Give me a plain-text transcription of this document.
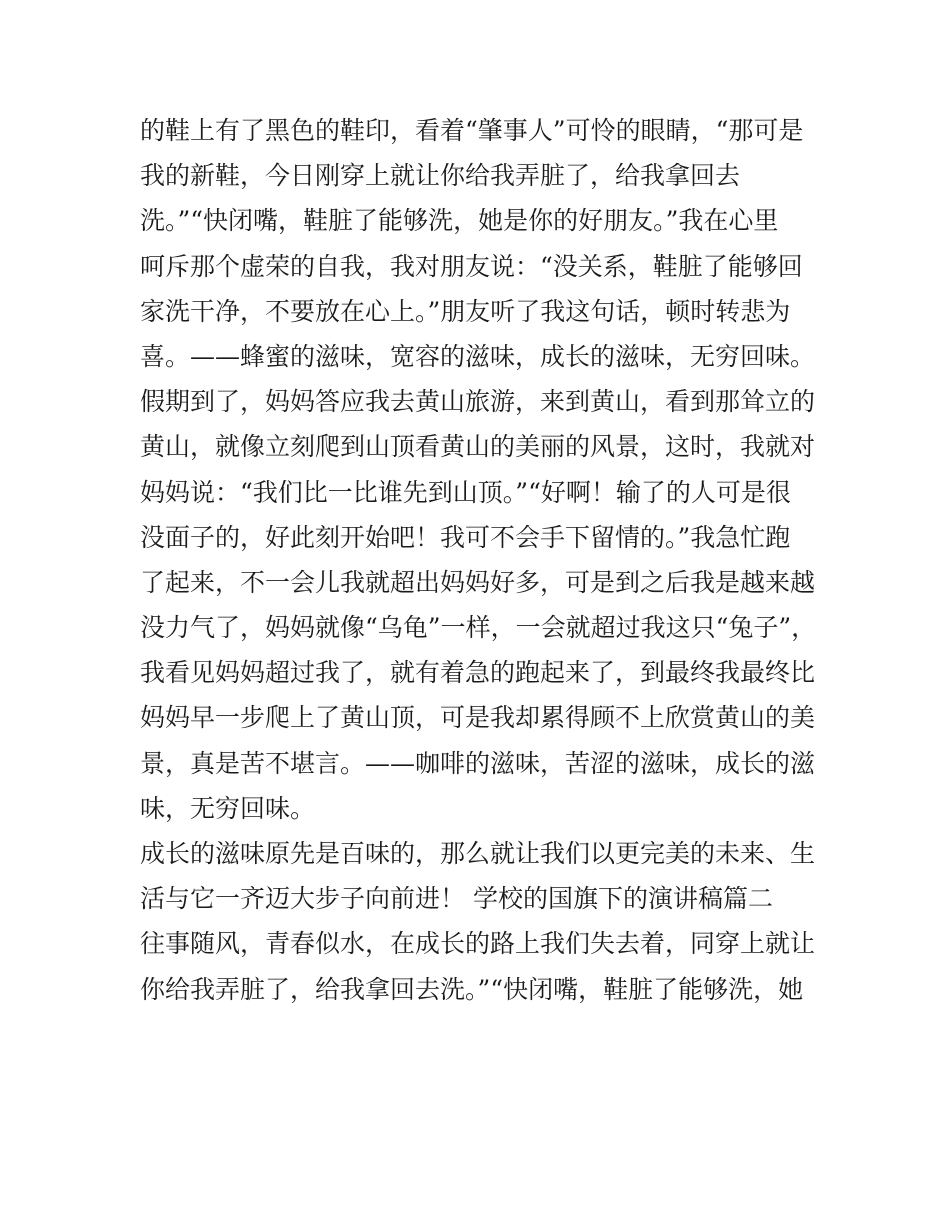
的鞋上有了黑色的鞋印，看着“肇事人”可怜的眼睛，“那可是
我的新鞋，今日刚穿上就让你给我弄脏了，给我拿回去
洗。”“快闭嘴，鞋脏了能够洗，她是你的好朋友。”我在心里
呵斥那个虚荣的自我，我对朋友说：“没关系，鞋脏了能够回
家洗干净，不要放在心上。”朋友听了我这句话，顿时转悲为
喜。——蜂蜜的滋味，宽容的滋味，成长的滋味，无穷回味。
假期到了，妈妈答应我去黄山旅游，来到黄山，看到那耸立的
黄山，就像立刻爬到山顶看黄山的美丽的风景，这时，我就对
妈妈说：“我们比一比谁先到山顶。”“好啊！输了的人可是很
没面子的，好此刻开始吧！我可不会手下留情的。”我急忙跑
了起来，不一会儿我就超出妈妈好多，可是到之后我是越来越
没力气了，妈妈就像“乌龟”一样，一会就超过我这只“兔子”，
我看见妈妈超过我了，就有着急的跑起来了，到最终我最终比
妈妈早一步爬上了黄山顶，可是我却累得顾不上欣赏黄山的美
景，真是苦不堪言。——咖啡的滋味，苦涩的滋味，成长的滋
味，无穷回味。
成长的滋味原先是百味的，那么就让我们以更完美的未来、生
活与它一齐迈大步子向前进！ 学校的国旗下的演讲稿篇二
往事随风，青春似水，在成长的路上我们失去着，同穿上就让
你给我弄脏了，给我拿回去洗。”“快闭嘴，鞋脏了能够洗，她
